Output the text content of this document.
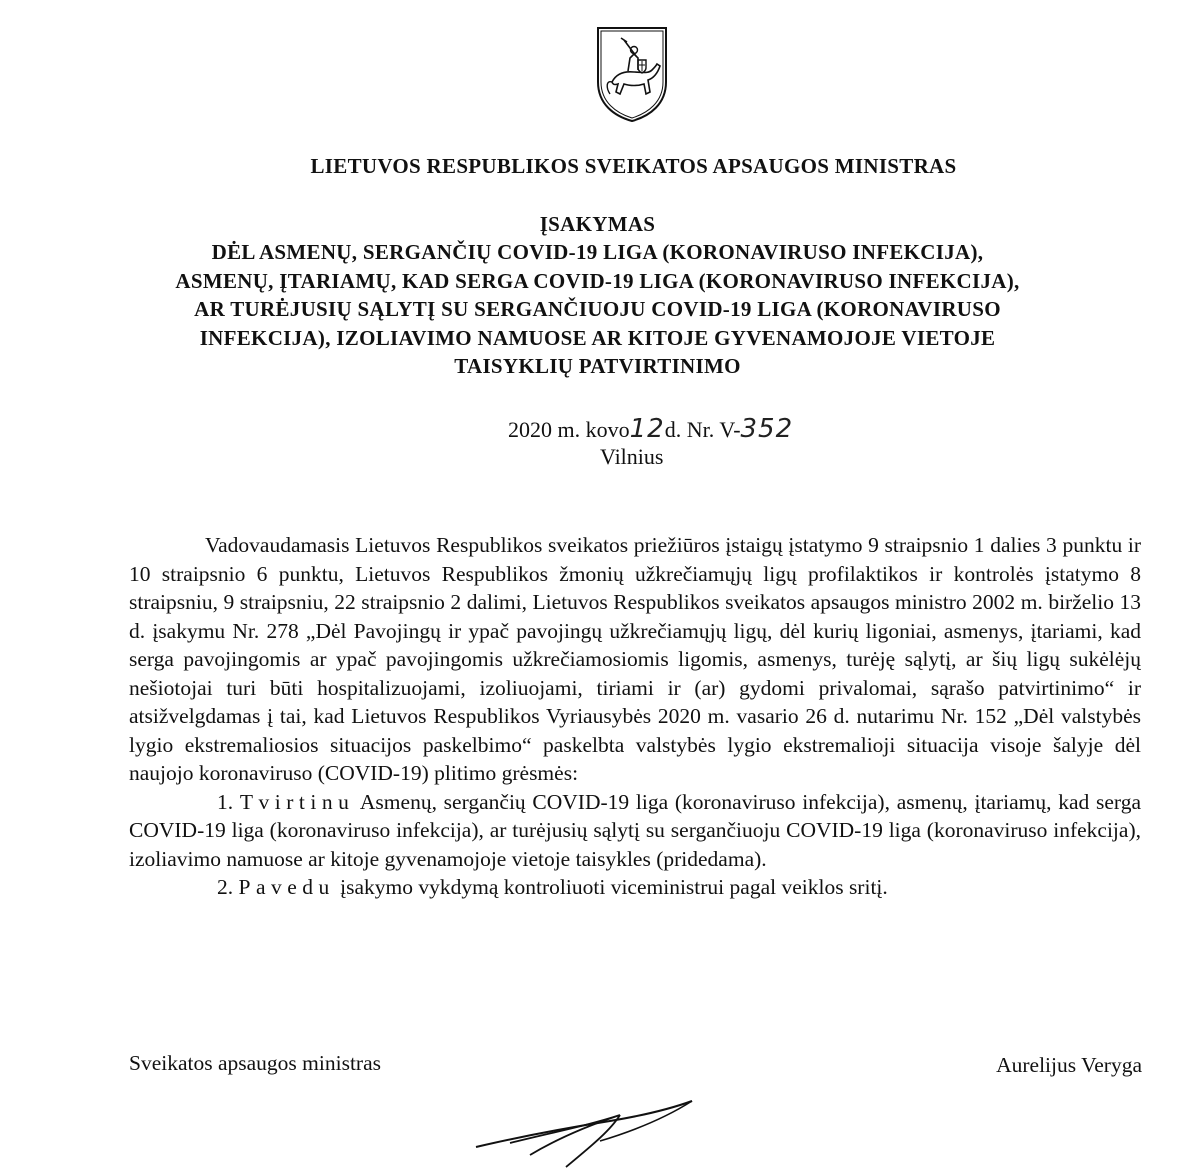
LIETUVOS RESPUBLIKOS SVEIKATOS APSAUGOS MINISTRAS
ĮSAKYMAS
DĖL ASMENŲ, SERGANČIŲ COVID-19 LIGA (KORONAVIRUSO INFEKCIJA),
ASMENŲ, ĮTARIAMŲ, KAD SERGA COVID-19 LIGA (KORONAVIRUSO INFEKCIJA),
AR TURĖJUSIŲ SĄLYTĮ SU SERGANČIUOJU COVID-19 LIGA (KORONAVIRUSO
INFEKCIJA), IZOLIAVIMO NAMUOSE AR KITOJE GYVENAMOJOJE VIETOJE
TAISYKLIŲ PATVIRTINIMO
2020 m. kovo12d. Nr. V-352
Vilnius

Vadovaudamasis Lietuvos Respublikos sveikatos priežiūros įstaigų įstatymo 9 straipsnio 1 dalies 3 punktu ir 10 straipsnio 6 punktu, Lietuvos Respublikos žmonių užkrečiamųjų ligų profilaktikos ir kontrolės įstatymo 8 straipsniu, 9 straipsniu, 22 straipsnio 2 dalimi, Lietuvos Respublikos sveikatos apsaugos ministro 2002 m. birželio 13 d. įsakymu Nr. 278 „Dėl Pavojingų ir ypač pavojingų užkrečiamųjų ligų, dėl kurių ligoniai, asmenys, įtariami, kad serga pavojingomis ar ypač pavojingomis užkrečiamosiomis ligomis, asmenys, turėję sąlytį, ar šių ligų sukėlėjų nešiotojai turi būti hospitalizuojami, izoliuojami, tiriami ir (ar) gydomi privalomai, sąrašo patvirtinimo“ ir atsižvelgdamas į tai, kad Lietuvos Respublikos Vyriausybės 2020 m. vasario 26 d. nutarimu Nr. 152 „Dėl valstybės lygio ekstremaliosios situacijos paskelbimo“ paskelbta valstybės lygio ekstremalioji situacija visoje šalyje dėl naujojo koronaviruso (COVID-19) plitimo grėsmės:

1. Tvirtinu Asmenų, sergančių COVID-19 liga (koronaviruso infekcija), asmenų, įtariamų, kad serga COVID-19 liga (koronaviruso infekcija), ar turėjusių sąlytį su sergančiuoju COVID-19 liga (koronaviruso infekcija), izoliavimo namuose ar kitoje gyvenamojoje vietoje taisykles (pridedama).

2. Pavedu įsakymo vykdymą kontroliuoti viceministrui pagal veiklos sritį.

Sveikatos apsaugos ministras	Aurelijus Veryga
